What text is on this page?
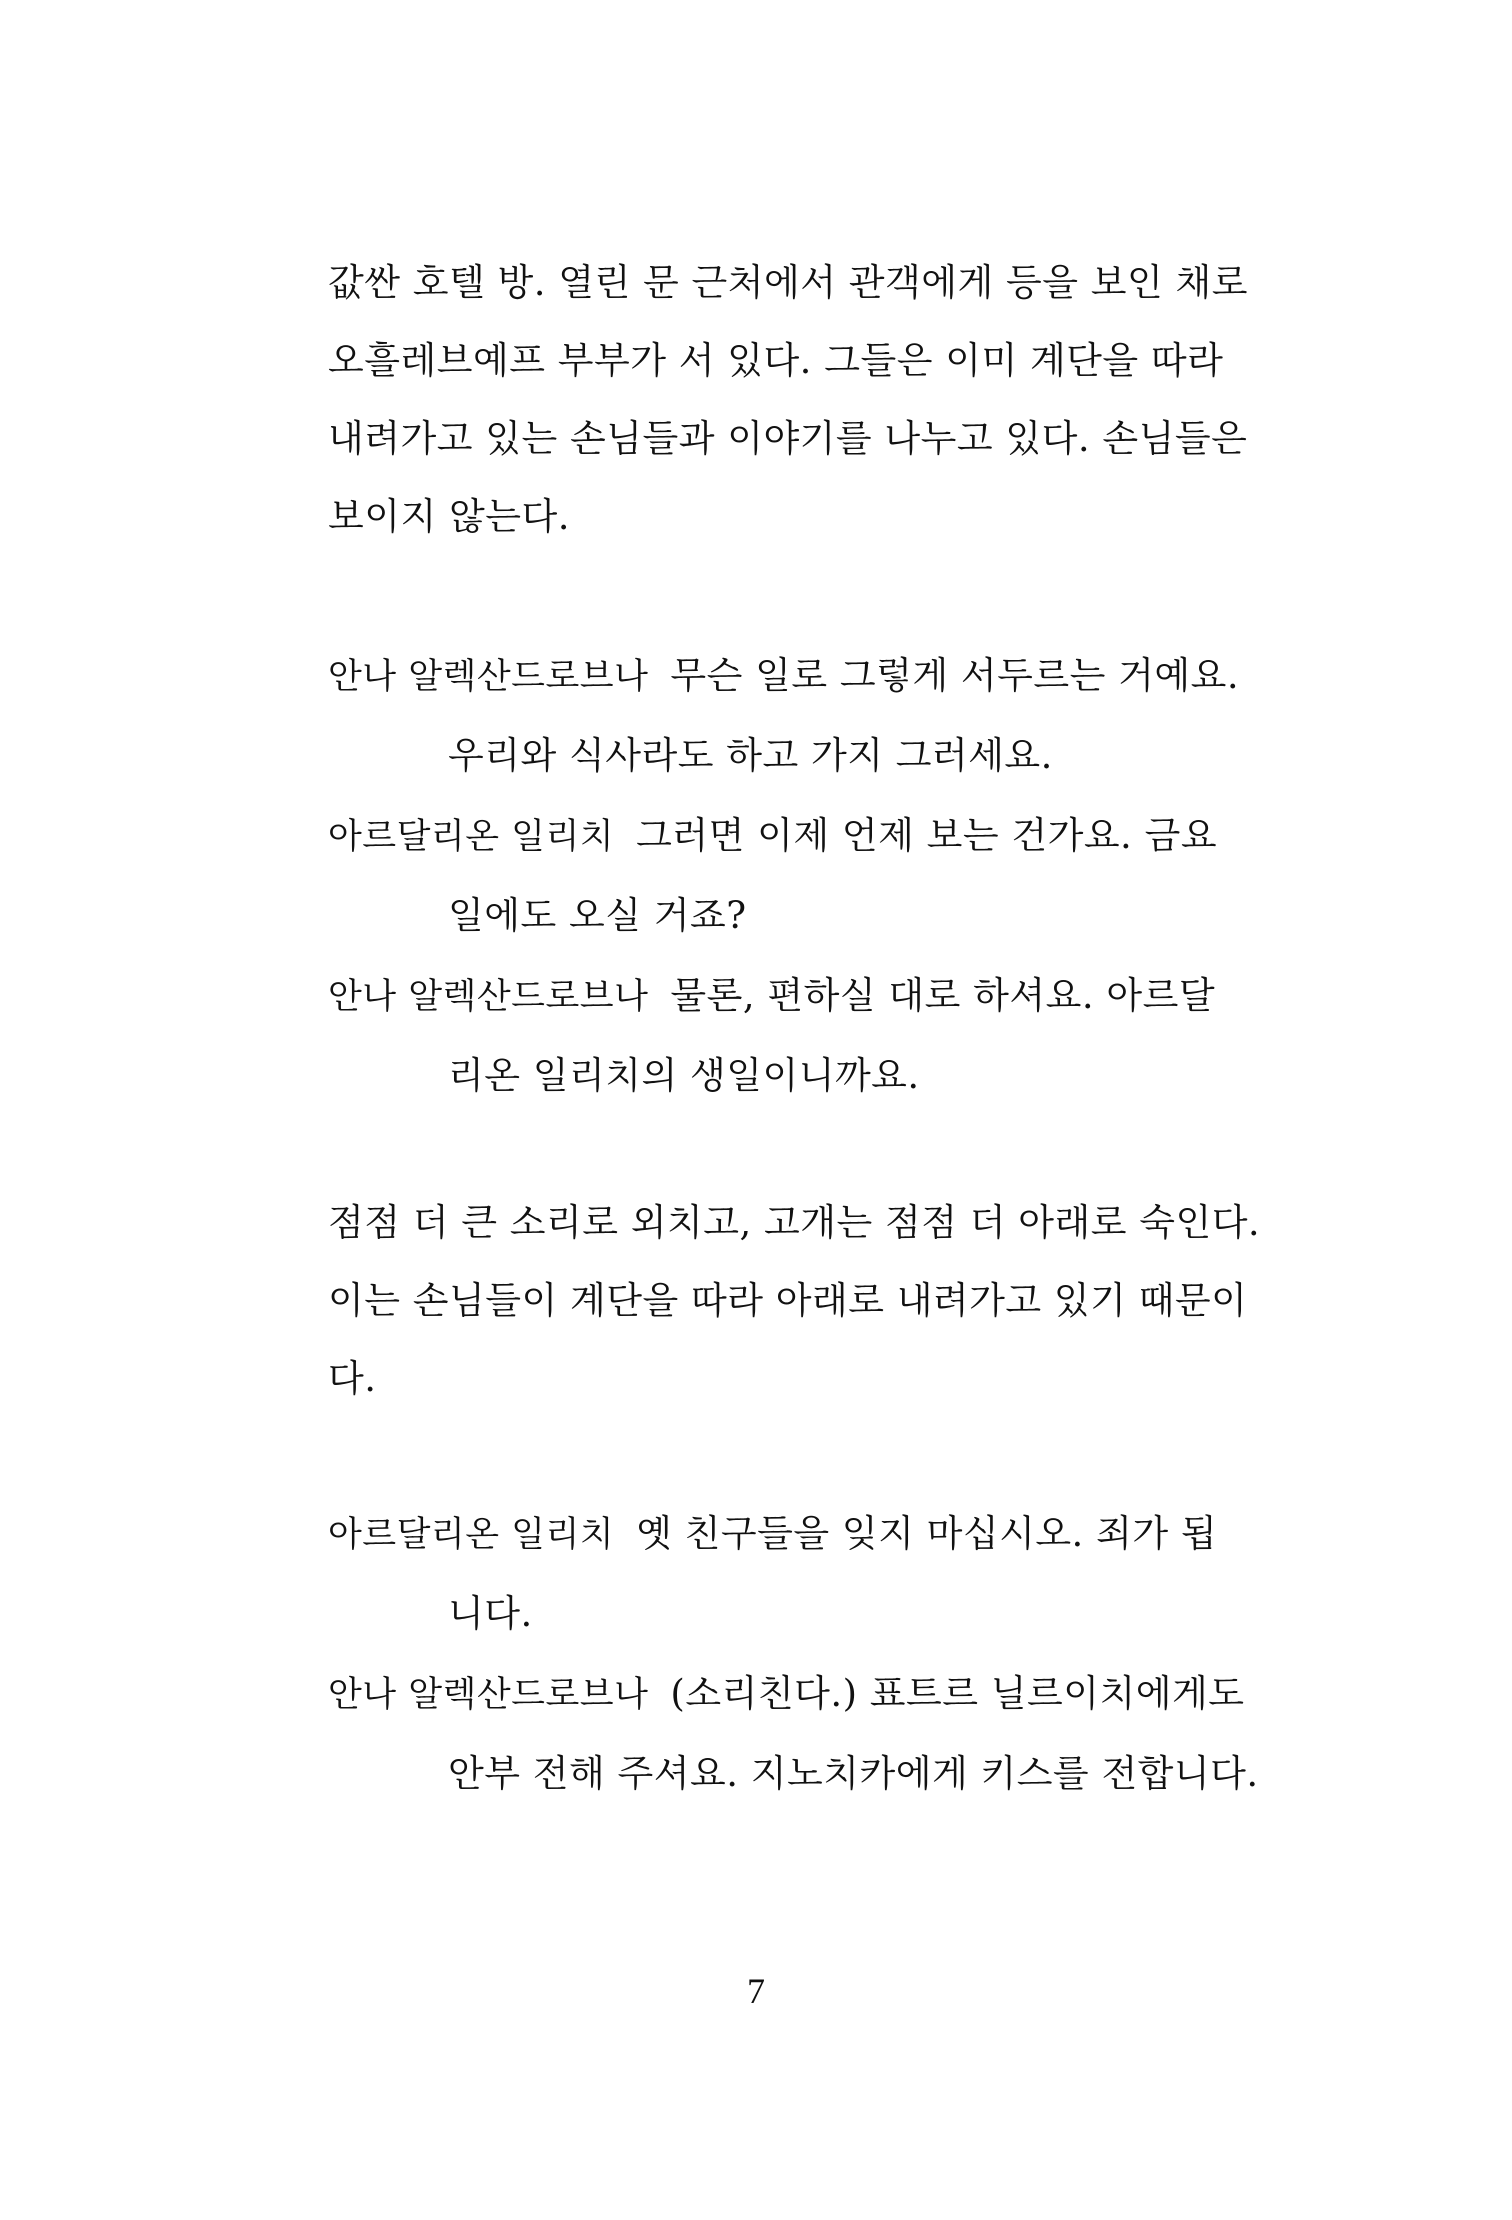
값싼 호텔 방. 열린 문 근처에서 관객에게 등을 보인 채로
오흘레브예프 부부가 서 있다. 그들은 이미 계단을 따라
내려가고 있는 손님들과 이야기를 나누고 있다. 손님들은
보이지 않는다.
안나 알렉산드로브나 무슨 일로 그렇게 서두르는 거예요.
우리와 식사라도 하고 가지 그러세요.
아르달리온 일리치 그러면 이제 언제 보는 건가요. 금요
일에도 오실 거죠?
안나 알렉산드로브나 물론, 편하실 대로 하셔요. 아르달
리온 일리치의 생일이니까요.
점점 더 큰 소리로 외치고, 고개는 점점 더 아래로 숙인다.
이는 손님들이 계단을 따라 아래로 내려가고 있기 때문이
다.
아르달리온 일리치 옛 친구들을 잊지 마십시오. 죄가 됩
니다.
안나 알렉산드로브나 (소리친다.) 표트르 닐르이치에게도
안부 전해 주셔요. 지노치카에게 키스를 전합니다.
7
